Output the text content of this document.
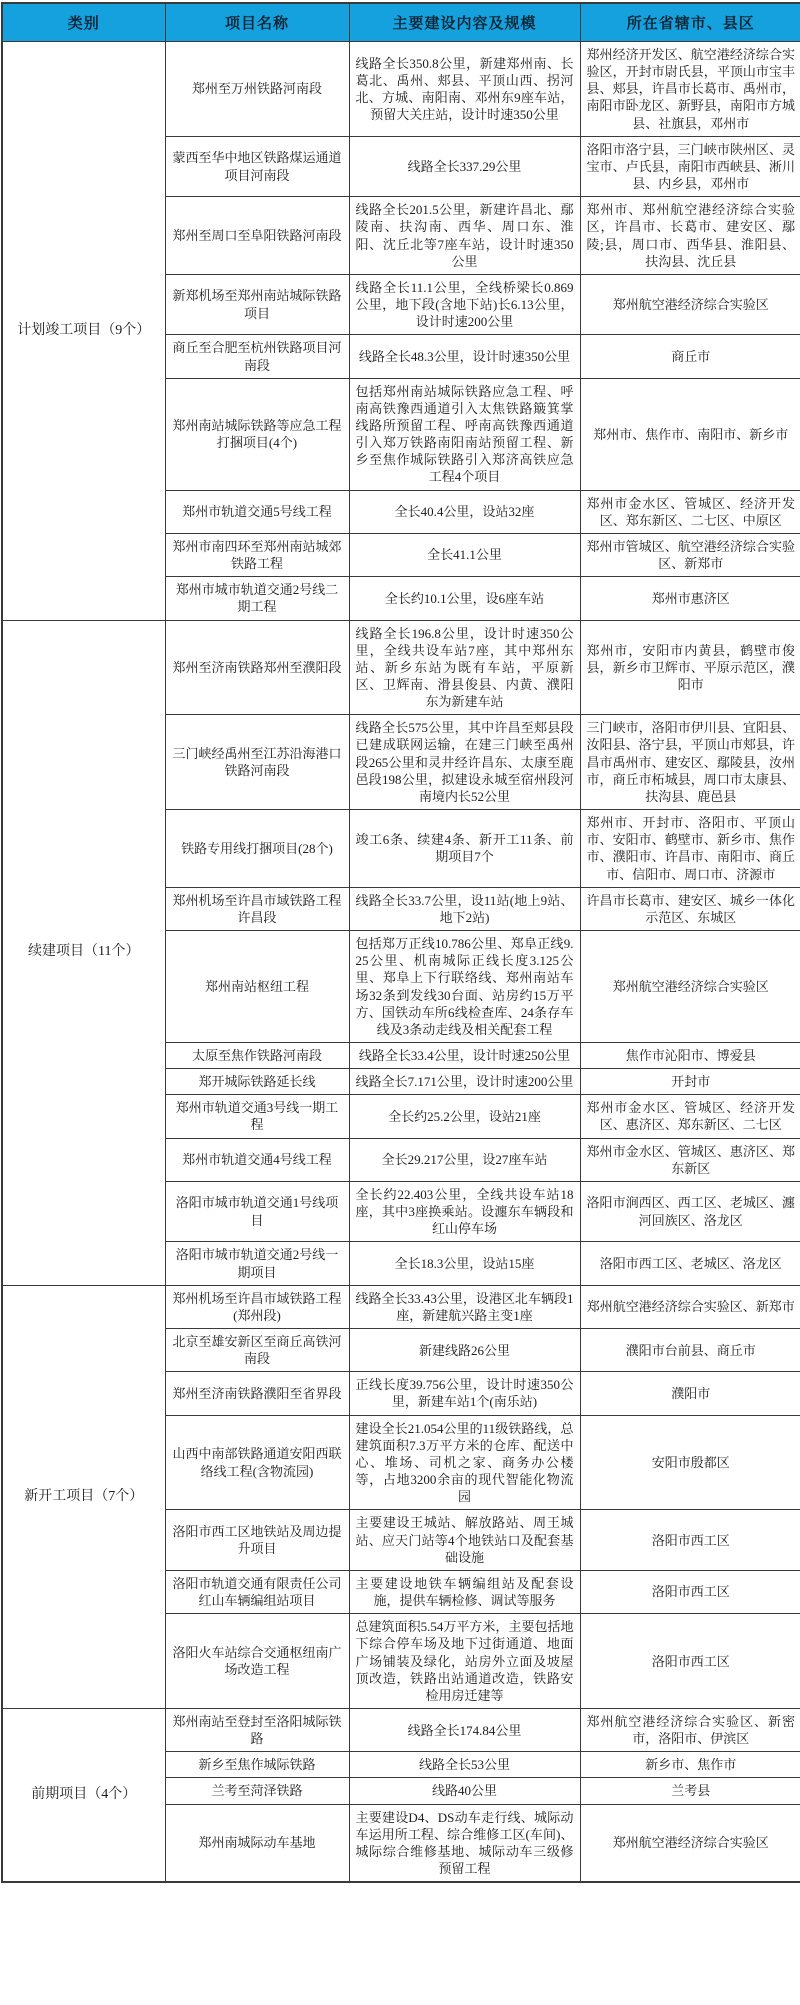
类别	项目名称	主要建设内容及规模	所在省辖市、县区
计划竣工项目（9个）	郑州至万州铁路河南段	线路全长350.8公里，新建郑州南、长葛北、禹州、郏县、平顶山西、拐河北、方城、南阳南、邓州东9座车站，预留大关庄站，设计时速350公里	郑州经济开发区、航空港经济综合实验区，开封市尉氏县，平顶山市宝丰县、郏县，许昌市长葛市、禹州市，南阳市卧龙区、新野县，南阳市方城县、社旗县，邓州市
	蒙西至华中地区铁路煤运通道项目河南段	线路全长337.29公里	洛阳市洛宁县，三门峡市陕州区、灵宝市、卢氏县，南阳市西峡县、淅川县、内乡县，邓州市
	郑州至周口至阜阳铁路河南段	线路全长201.5公里，新建许昌北、鄢陵南、扶沟南、西华、周口东、淮阳、沈丘北等7座车站，设计时速350公里	郑州市、郑州航空港经济综合实验区，许昌市、长葛市、建安区、鄢陵;县，周口市、西华县、淮阳县、扶沟县、沈丘县
	新郑机场至郑州南站城际铁路项目	线路全长11.1公里，全线桥梁长0.869公里，地下段(含地下站)长6.13公里，设计时速200公里	郑州航空港经济综合实验区
	商丘至合肥至杭州铁路项目河南段	线路全长48.3公里，设计时速350公里	商丘市
	郑州南站城际铁路等应急工程打捆项目(4个)	包括郑州南站城际铁路应急工程、呼南高铁豫西通道引入太焦铁路簸箕掌线路所预留工程、呼南高铁豫西通道引入郑万铁路南阳南站预留工程、新乡至焦作城际铁路引入郑济高铁应急工程4个项目	郑州市、焦作市、南阳市、新乡市
	郑州市轨道交通5号线工程	全长40.4公里，设站32座	郑州市金水区、管城区、经济开发区、郑东新区、二七区、中原区
	郑州市南四环至郑州南站城郊铁路工程	全长41.1公里	郑州市管城区、航空港经济综合实验区、新郑市
	郑州市城市轨道交通2号线二期工程	全长约10.1公里，设6座车站	郑州市惠济区
续建项目（11个）	郑州至济南铁路郑州至濮阳段	线路全长196.8公里，设计时速350公里，全线共设车站7座，其中郑州东站、新乡东站为既有车站，平原新区、卫辉南、滑县俊县、内黄、濮阳东为新建车站	郑州市，安阳市内黄县，鹤壁市俊县，新乡市卫辉市、平原示范区，濮阳市
	三门峡经禹州至江苏沿海港口铁路河南段	线路全长575公里，其中许昌至郏县段已建成联网运输，在建三门峡至禹州段265公里和灵井经许昌东、太康至鹿邑段198公里，拟建设永城至宿州段河南境内长52公里	三门峡市，洛阳市伊川县、宜阳县、汝阳县、洛宁县，平顶山市郏县，许昌市禹州市、建安区、鄢陵县，汝州市，商丘市柘城县，周口市太康县、扶沟县、鹿邑县
	铁路专用线打捆项目(28个)	竣工6条、续建4条、新开工11条、前期项目7个	郑州市、开封市、洛阳市、平顶山市、安阳市、鹤壁市、新乡市、焦作市、濮阳市、许昌市、南阳市、商丘市、信阳市、周口市、济源市
	郑州机场至许昌市域铁路工程许昌段	线路全长33.7公里，设11站(地上9站、地下2站)	许昌市长葛市、建安区、城乡一体化示范区、东城区
	郑州南站枢纽工程	包括郑万正线10.786公里、郑阜正线9.25公里、机南城际正线长度3.125公里、郑阜上下行联络线、郑州南站车场32条到发线30台面、站房约15万平方、国铁动车所6线检查库、24条存车线及3条动走线及相关配套工程	郑州航空港经济综合实验区
	太原至焦作铁路河南段	线路全长33.4公里，设计时速250公里	焦作市沁阳市、博爱县
	郑开城际铁路延长线	线路全长7.171公里，设计时速200公里	开封市
	郑州市轨道交通3号线一期工程	全长约25.2公里，设站21座	郑州市金水区、管城区、经济开发区、惠济区、郑东新区、二七区
	郑州市轨道交通4号线工程	全长29.217公里，设27座车站	郑州市金水区、管城区、惠济区、郑东新区
	洛阳市城市轨道交通1号线项目	全长约22.403公里，全线共设车站18座，其中3座换乘站。设瀍东车辆段和红山停车场	洛阳市涧西区、西工区、老城区、瀍河回族区、洛龙区
	洛阳市城市轨道交通2号线一期项目	全长18.3公里，设站15座	洛阳市西工区、老城区、洛龙区
新开工项目（7个）	郑州机场至许昌市域铁路工程(郑州段)	线路全长33.43公里，设港区北车辆段1座，新建航兴路主变1座	郑州航空港经济综合实验区、新郑市
	北京至雄安新区至商丘高铁河南段	新建线路26公里	濮阳市台前县、商丘市
	郑州至济南铁路濮阳至省界段	正线长度39.756公里，设计时速350公里，新建车站1个(南乐站)	濮阳市
	山西中南部铁路通道安阳西联络线工程(含物流园)	建设全长21.054公里的11级铁路线，总建筑面积7.3万平方米的仓库、配送中心、堆场、司机之家、商务办公楼等，占地3200余亩的现代智能化物流园	安阳市殷都区
	洛阳市西工区地铁站及周边提升项目	主要建设王城站、解放路站、周王城站、应天门站等4个地铁站口及配套基础设施	洛阳市西工区
	洛阳市轨道交通有限责任公司红山车辆编组站项目	主要建设地铁车辆编组站及配套设施，提供车辆检修、调试等服务	洛阳市西工区
	洛阳火车站综合交通枢纽南广场改造工程	总建筑面积5.54万平方米，主要包括地下综合停车场及地下过街通道、地面广场铺装及绿化，站房外立面及坡屋顶改造，铁路出站通道改造，铁路安检用房迁建等	洛阳市西工区
前期项目（4个）	郑州南站至登封至洛阳城际铁路	线路全长174.84公里	郑州航空港经济综合实验区、新密市，洛阳市、伊滨区
	新乡至焦作城际铁路	线路全长53公里	新乡市、焦作市
	兰考至菏泽铁路	线路40公里	兰考县
	郑州南城际动车基地	主要建设D4、DS动车走行线、城际动车运用所工程、综合维修工区(车间)、城际综合维修基地、城际动车三级修预留工程	郑州航空港经济综合实验区
